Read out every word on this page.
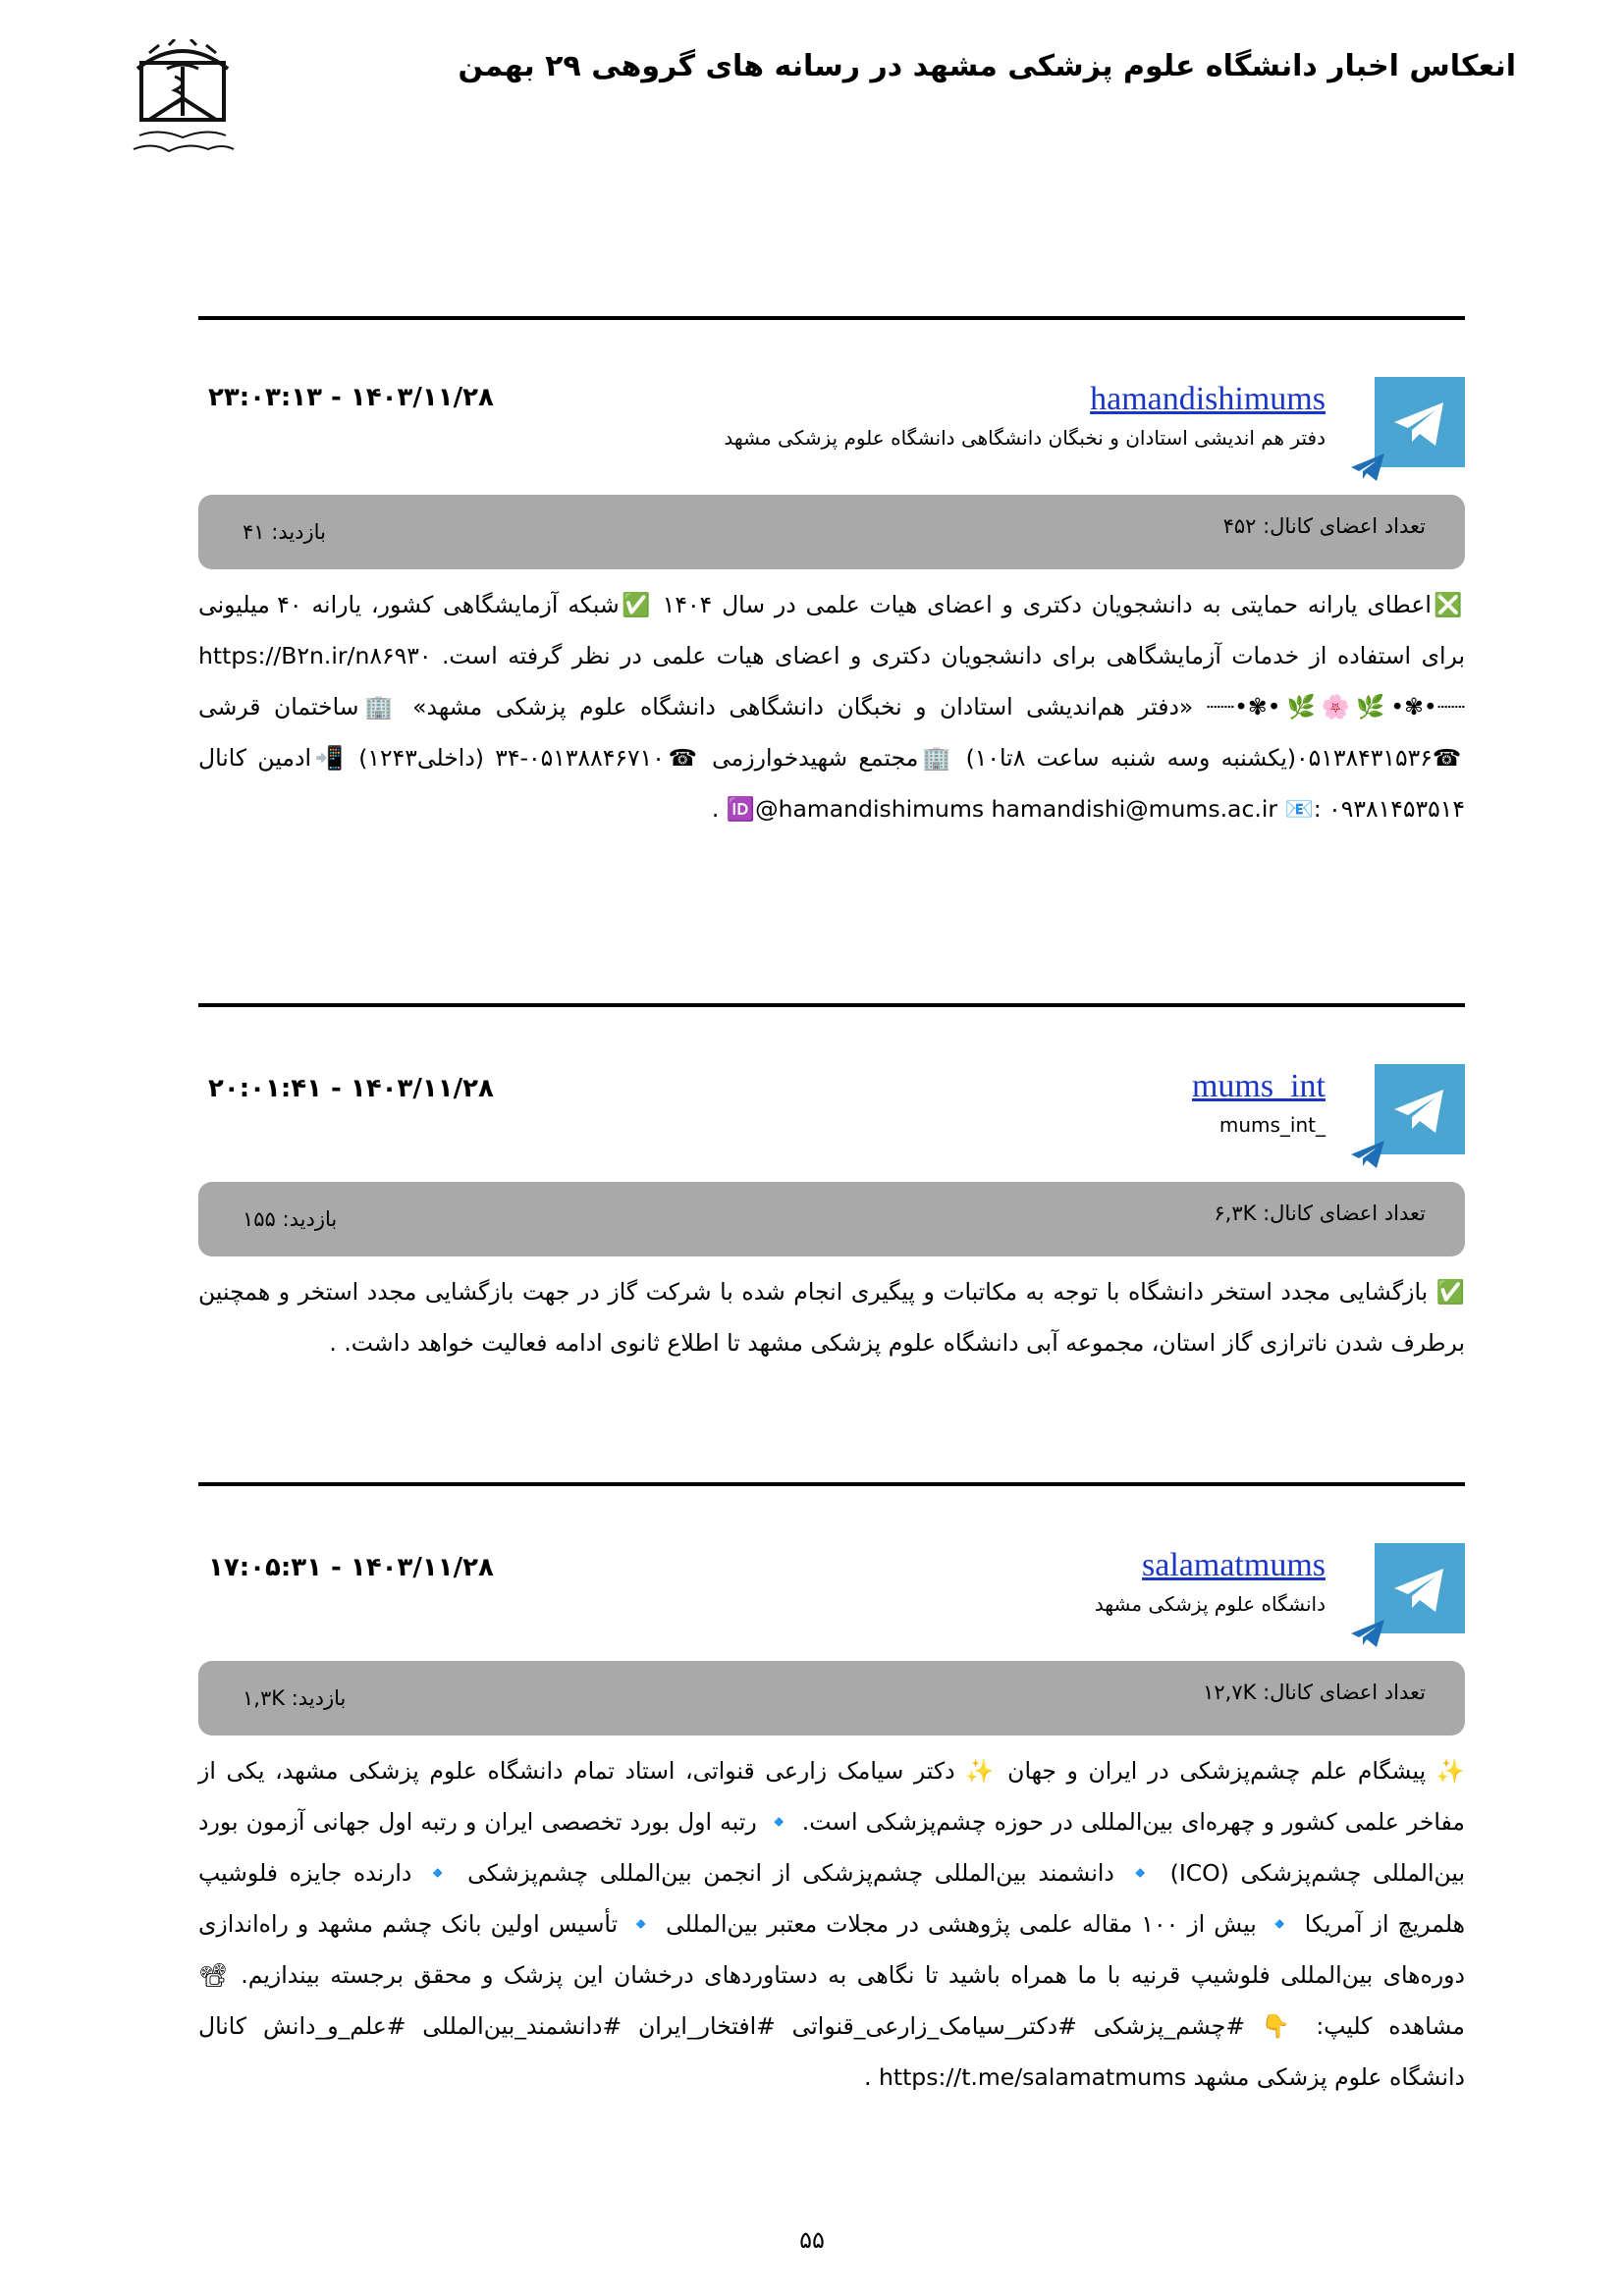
انعکاس اخبار دانشگاه علوم پزشکی مشهد در رسانه های گروهی ۲۹ بهمن
hamandishimums
دفتر هم اندیشی استادان و نخبگان دانشگاهی دانشگاه علوم پزشکی مشهد
۲۳:۰۳:۱۳ - ۱۴۰۳/۱۱/۲۸
تعداد اعضای کانال: ۴۵۲
بازدید: ۴۱
❎اعطای یارانه حمایتی به دانشجویان دکتری و اعضای هیات علمی در سال ۱۴۰۴ ✅شبکه آزمایشگاهی کشور، یارانه ۴۰ میلیونی برای استفاده از خدمات آزمایشگاهی برای دانشجویان دکتری و اعضای هیات علمی در نظر گرفته است. https://B۲n.ir/n۸۶۹۳۰ ┈┈•✾•🌿🌸🌿•✾•┈┈ «دفتر هم‌اندیشی استادان و نخبگان دانشگاهی دانشگاه علوم پزشکی مشهد» 🏢ساختمان قرشی ☎۰۵۱۳۸۴۳۱۵۳۶(یکشنبه وسه شنبه ساعت ۸تا۱۰) 🏢مجتمع شهیدخوارزمی ☎۰۵۱۳۸۸۴۶۷۱۰-۳۴ (داخلی۱۲۴۳) 📲ادمین کانال ۰۹۳۸۱۴۵۳۵۱۴ :📧 🆔@hamandishimums hamandishi@mums.ac.ir .
mums_int
mums_int_
۲۰:۰۱:۴۱ - ۱۴۰۳/۱۱/۲۸
تعداد اعضای کانال: ۶,۳K
بازدید: ۱۵۵
✅ بازگشایی مجدد استخر دانشگاه با توجه به مکاتبات و پیگیری انجام شده با شرکت گاز در جهت بازگشایی مجدد استخر و همچنین برطرف شدن ناترازی گاز استان، مجموعه آبی دانشگاه علوم پزشکی مشهد تا اطلاع ثانوی ادامه فعالیت خواهد داشت. .
salamatmums
دانشگاه علوم پزشکی مشهد
۱۷:۰۵:۳۱ - ۱۴۰۳/۱۱/۲۸
تعداد اعضای کانال: ۱۲,۷K
بازدید: ۱,۳K
✨ پیشگام علم چشم‌پزشکی در ایران و جهان ✨ دکتر سیامک زارعی قنواتی، استاد تمام دانشگاه علوم پزشکی مشهد، یکی از مفاخر علمی کشور و چهره‌ای بین‌المللی در حوزه چشم‌پزشکی است. 🔹 رتبه اول بورد تخصصی ایران و رتبه اول جهانی آزمون بورد بین‌المللی چشم‌پزشکی (ICO) 🔹 دانشمند بین‌المللی چشم‌پزشکی از انجمن بین‌المللی چشم‌پزشکی 🔹 دارنده جایزه فلوشیپ هلمریچ از آمریکا 🔹 بیش از ۱۰۰ مقاله علمی پژوهشی در مجلات معتبر بین‌المللی 🔹 تأسیس اولین بانک چشم مشهد و راه‌اندازی دوره‌های بین‌المللی فلوشیپ قرنیه با ما همراه باشید تا نگاهی به دستاوردهای درخشان این پزشک و محقق برجسته بیندازیم. 📽 مشاهده کلیپ: 👇 #چشم_پزشکی #دکتر_سیامک_زارعی_قنواتی #افتخار_ایران #دانشمند_بین‌المللی #علم_و_دانش کانال دانشگاه علوم پزشکی مشهد https://t.me/salamatmums .
۵۵
